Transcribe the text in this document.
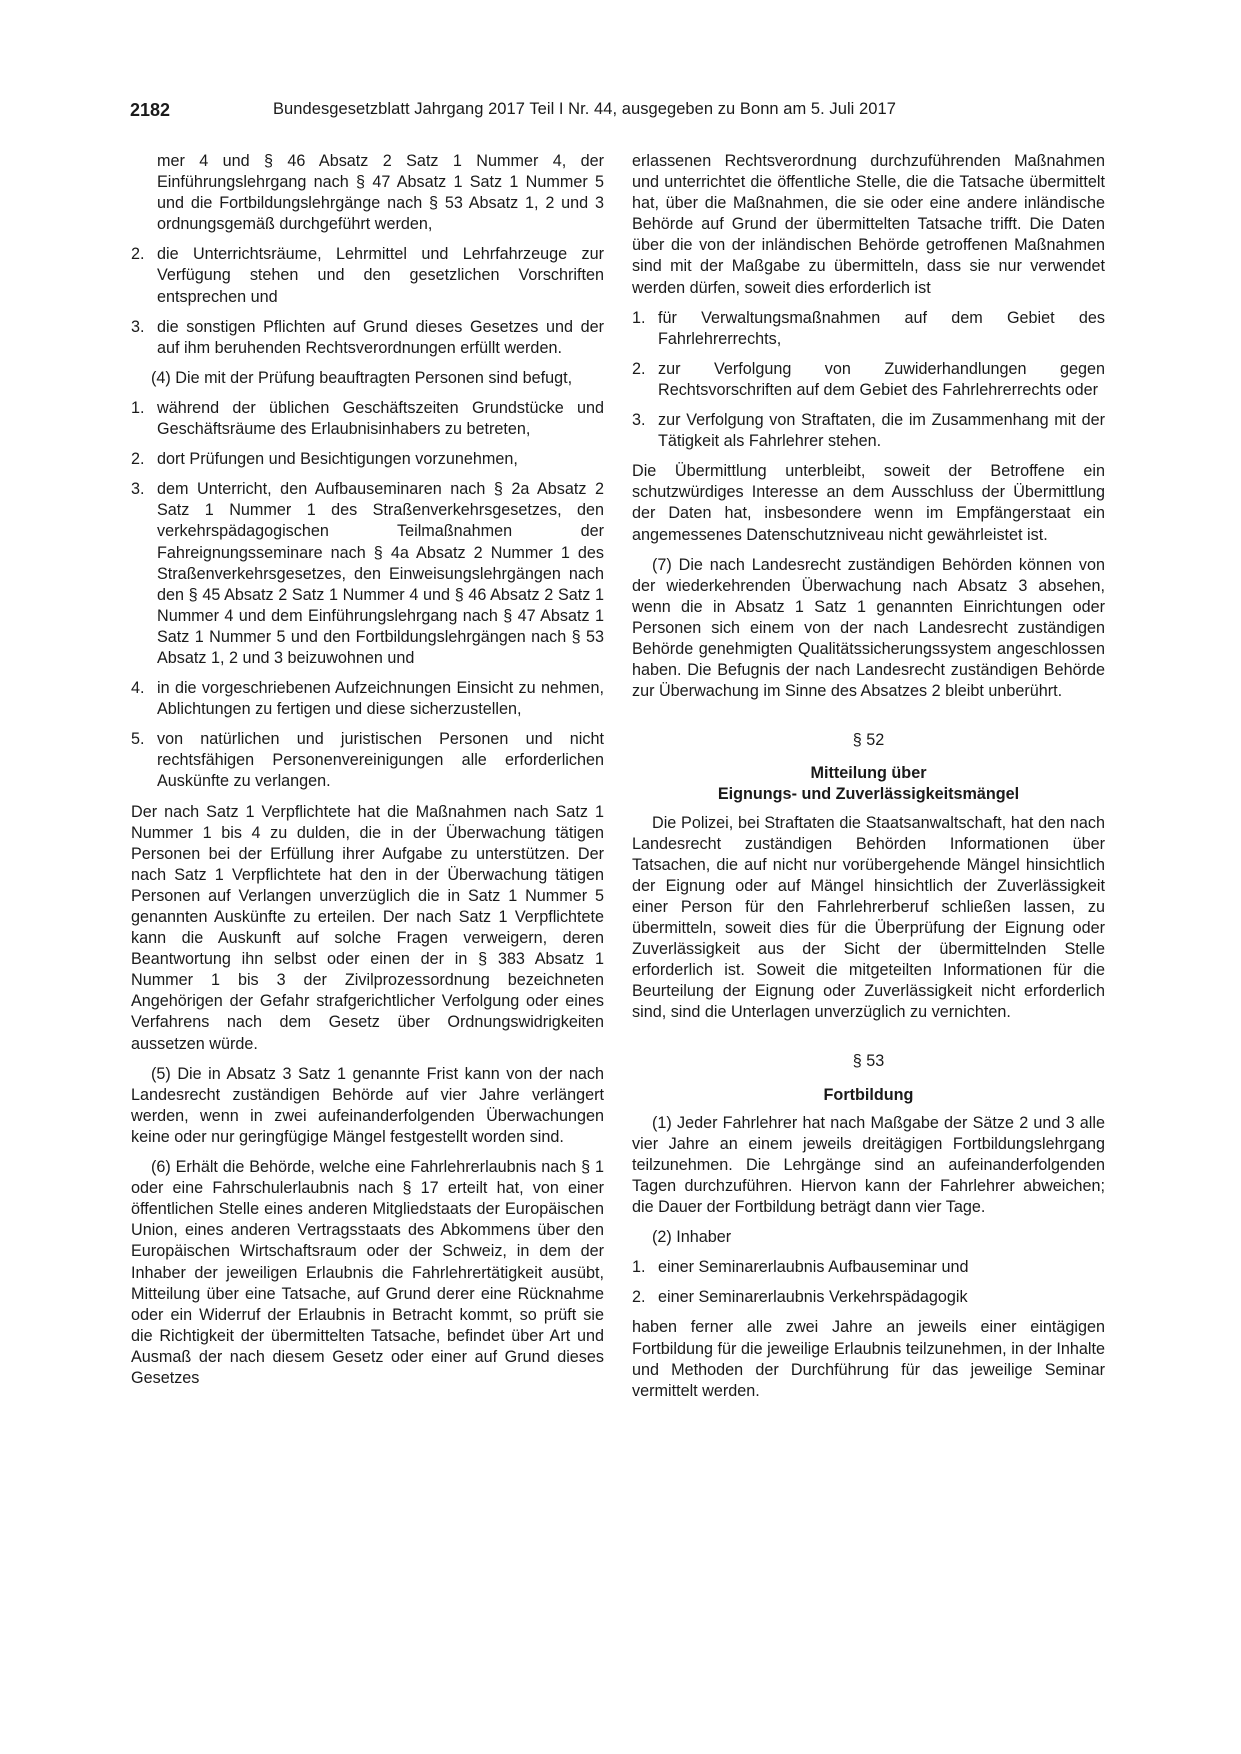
2182	Bundesgesetzblatt Jahrgang 2017 Teil I Nr. 44, ausgegeben zu Bonn am 5. Juli 2017

mer 4 und § 46 Absatz 2 Satz 1 Nummer 4, der Einführungslehrgang nach § 47 Absatz 1 Satz 1 Nummer 5 und die Fortbildungslehrgänge nach § 53 Absatz 1, 2 und 3 ordnungsgemäß durchgeführt werden,

2. die Unterrichtsräume, Lehrmittel und Lehrfahrzeuge zur Verfügung stehen und den gesetzlichen Vorschriften entsprechen und
3. die sonstigen Pflichten auf Grund dieses Gesetzes und der auf ihm beruhenden Rechtsverordnungen erfüllt werden.

(4) Die mit der Prüfung beauftragten Personen sind befugt,

1. während der üblichen Geschäftszeiten Grundstücke und Geschäftsräume des Erlaubnisinhabers zu betreten,
2. dort Prüfungen und Besichtigungen vorzunehmen,
3. dem Unterricht, den Aufbauseminaren nach § 2a Absatz 2 Satz 1 Nummer 1 des Straßenverkehrsgesetzes, den verkehrspädagogischen Teilmaßnahmen der Fahreignungsseminare nach § 4a Absatz 2 Nummer 1 des Straßenverkehrsgesetzes, den Einweisungslehrgängen nach den § 45 Absatz 2 Satz 1 Nummer 4 und § 46 Absatz 2 Satz 1 Nummer 4 und dem Einführungslehrgang nach § 47 Absatz 1 Satz 1 Nummer 5 und den Fortbildungslehrgängen nach § 53 Absatz 1, 2 und 3 beizuwohnen und
4. in die vorgeschriebenen Aufzeichnungen Einsicht zu nehmen, Ablichtungen zu fertigen und diese sicherzustellen,
5. von natürlichen und juristischen Personen und nicht rechtsfähigen Personenvereinigungen alle erforderlichen Auskünfte zu verlangen.

Der nach Satz 1 Verpflichtete hat die Maßnahmen nach Satz 1 Nummer 1 bis 4 zu dulden, die in der Überwachung tätigen Personen bei der Erfüllung ihrer Aufgabe zu unterstützen. Der nach Satz 1 Verpflichtete hat den in der Überwachung tätigen Personen auf Verlangen unverzüglich die in Satz 1 Nummer 5 genannten Auskünfte zu erteilen. Der nach Satz 1 Verpflichtete kann die Auskunft auf solche Fragen verweigern, deren Beantwortung ihn selbst oder einen der in § 383 Absatz 1 Nummer 1 bis 3 der Zivilprozessordnung bezeichneten Angehörigen der Gefahr strafgerichtlicher Verfolgung oder eines Verfahrens nach dem Gesetz über Ordnungswidrigkeiten aussetzen würde.

(5) Die in Absatz 3 Satz 1 genannte Frist kann von der nach Landesrecht zuständigen Behörde auf vier Jahre verlängert werden, wenn in zwei aufeinanderfolgenden Überwachungen keine oder nur geringfügige Mängel festgestellt worden sind.

(6) Erhält die Behörde, welche eine Fahrlehrerlaubnis nach § 1 oder eine Fahrschulerlaubnis nach § 17 erteilt hat, von einer öffentlichen Stelle eines anderen Mitgliedstaats der Europäischen Union, eines anderen Vertragsstaats des Abkommens über den Europäischen Wirtschaftsraum oder der Schweiz, in dem der Inhaber der jeweiligen Erlaubnis die Fahrlehrertätigkeit ausübt, Mitteilung über eine Tatsache, auf Grund derer eine Rücknahme oder ein Widerruf der Erlaubnis in Betracht kommt, so prüft sie die Richtigkeit der übermittelten Tatsache, befindet über Art und Ausmaß der nach diesem Gesetz oder einer auf Grund dieses Gesetzes

erlassenen Rechtsverordnung durchzuführenden Maßnahmen und unterrichtet die öffentliche Stelle, die die Tatsache übermittelt hat, über die Maßnahmen, die sie oder eine andere inländische Behörde auf Grund der übermittelten Tatsache trifft. Die Daten über die von der inländischen Behörde getroffenen Maßnahmen sind mit der Maßgabe zu übermitteln, dass sie nur verwendet werden dürfen, soweit dies erforderlich ist

1. für Verwaltungsmaßnahmen auf dem Gebiet des Fahrlehrerrechts,
2. zur Verfolgung von Zuwiderhandlungen gegen Rechtsvorschriften auf dem Gebiet des Fahrlehrerrechts oder
3. zur Verfolgung von Straftaten, die im Zusammenhang mit der Tätigkeit als Fahrlehrer stehen.

Die Übermittlung unterbleibt, soweit der Betroffene ein schutzwürdiges Interesse an dem Ausschluss der Übermittlung der Daten hat, insbesondere wenn im Empfängerstaat ein angemessenes Datenschutzniveau nicht gewährleistet ist.

(7) Die nach Landesrecht zuständigen Behörden können von der wiederkehrenden Überwachung nach Absatz 3 absehen, wenn die in Absatz 1 Satz 1 genannten Einrichtungen oder Personen sich einem von der nach Landesrecht zuständigen Behörde genehmigten Qualitätssicherungssystem angeschlossen haben. Die Befugnis der nach Landesrecht zuständigen Behörde zur Überwachung im Sinne des Absatzes 2 bleibt unberührt.

§ 52

Mitteilung über
Eignungs- und Zuverlässigkeitsmängel

Die Polizei, bei Straftaten die Staatsanwaltschaft, hat den nach Landesrecht zuständigen Behörden Informationen über Tatsachen, die auf nicht nur vorübergehende Mängel hinsichtlich der Eignung oder auf Mängel hinsichtlich der Zuverlässigkeit einer Person für den Fahrlehrerberuf schließen lassen, zu übermitteln, soweit dies für die Überprüfung der Eignung oder Zuverlässigkeit aus der Sicht der übermittelnden Stelle erforderlich ist. Soweit die mitgeteilten Informationen für die Beurteilung der Eignung oder Zuverlässigkeit nicht erforderlich sind, sind die Unterlagen unverzüglich zu vernichten.

§ 53

Fortbildung

(1) Jeder Fahrlehrer hat nach Maßgabe der Sätze 2 und 3 alle vier Jahre an einem jeweils dreitägigen Fortbildungslehrgang teilzunehmen. Die Lehrgänge sind an aufeinanderfolgenden Tagen durchzuführen. Hiervon kann der Fahrlehrer abweichen; die Dauer der Fortbildung beträgt dann vier Tage.

(2) Inhaber

1. einer Seminarerlaubnis Aufbauseminar und
2. einer Seminarerlaubnis Verkehrspädagogik

haben ferner alle zwei Jahre an jeweils einer eintägigen Fortbildung für die jeweilige Erlaubnis teilzunehmen, in der Inhalte und Methoden der Durchführung für das jeweilige Seminar vermittelt werden.
